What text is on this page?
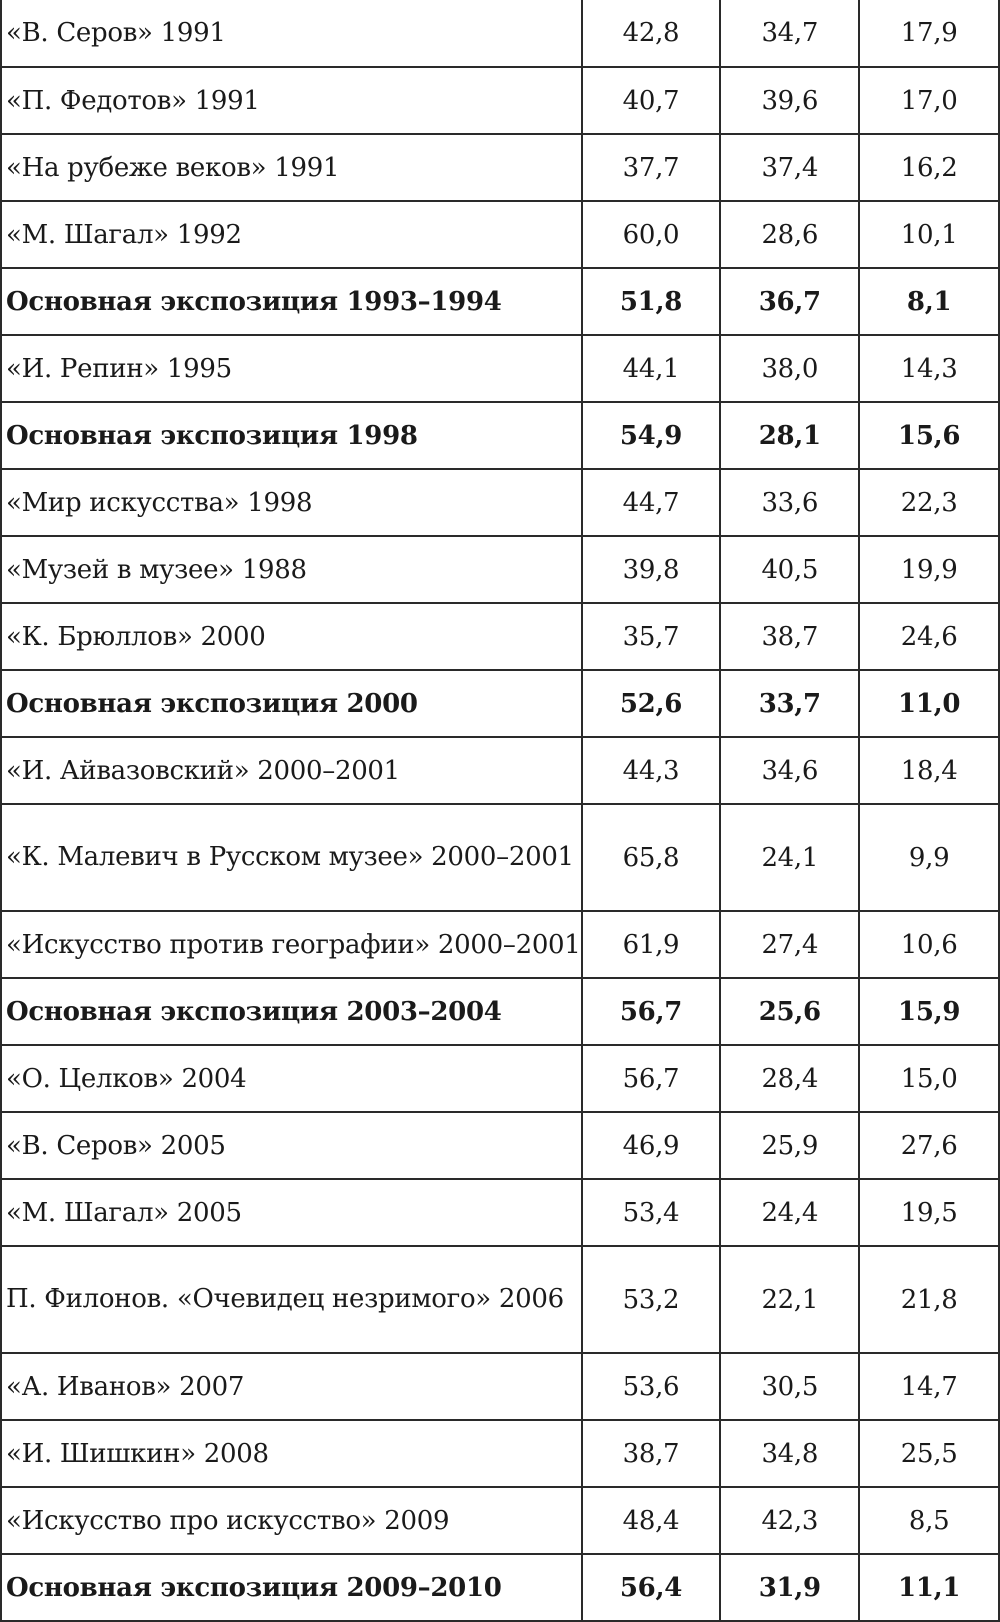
«В. Серов» 1991	42,8	34,7	17,9
«П. Федотов» 1991	40,7	39,6	17,0
«На рубеже веков» 1991	37,7	37,4	16,2
«М. Шагал» 1992	60,0	28,6	10,1
Основная экспозиция 1993–1994	51,8	36,7	8,1
«И. Репин» 1995	44,1	38,0	14,3
Основная экспозиция 1998	54,9	28,1	15,6
«Мир искусства» 1998	44,7	33,6	22,3
«Музей в музее» 1988	39,8	40,5	19,9
«К. Брюллов» 2000	35,7	38,7	24,6
Основная экспозиция 2000	52,6	33,7	11,0
«И. Айвазовский» 2000–2001	44,3	34,6	18,4
«К. Малевич в Русском музее» 2000–2001	65,8	24,1	9,9
«Искусство против географии» 2000–2001	61,9	27,4	10,6
Основная экспозиция 2003–2004	56,7	25,6	15,9
«О. Целков» 2004	56,7	28,4	15,0
«В. Серов» 2005	46,9	25,9	27,6
«М. Шагал» 2005	53,4	24,4	19,5
П. Филонов. «Очевидец незримого» 2006	53,2	22,1	21,8
«А. Иванов» 2007	53,6	30,5	14,7
«И. Шишкин» 2008	38,7	34,8	25,5
«Искусство про искусство» 2009	48,4	42,3	8,5
Основная экспозиция 2009–2010	56,4	31,9	11,1
